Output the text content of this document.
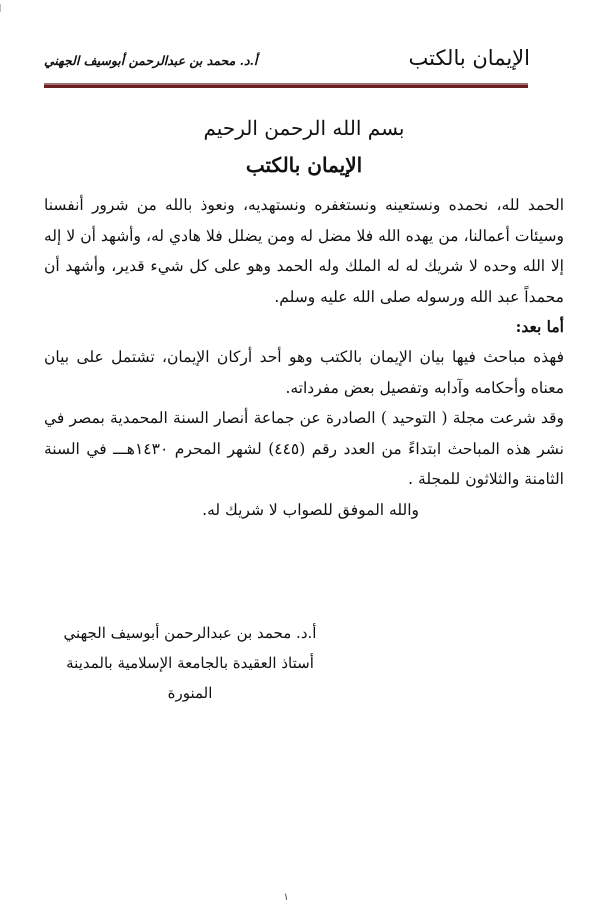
الإيمان بالكتب
أ.د. محمد بن عبدالرحمن أبوسيف الجهني
بسم الله الرحمن الرحيم
الإيمان بالكتب

الحمد لله، نحمده ونستعينه ونستغفره ونستهديه، ونعوذ بالله من شرور أنفسنا وسيئات أعمالنا، من يهده الله فلا مضل له ومن يضلل فلا هادي له، وأشهد أن لا إله إلا الله وحده لا شريك له له الملك وله الحمد وهو على كل شيء قدير، وأشهد أن محمداً عبد الله ورسوله صلى الله عليه وسلم.

أما بعد:

فهذه مباحث فيها بيان الإيمان بالكتب وهو أحد أركان الإيمان، تشتمل على بيان معناه وأحكامه وآدابه وتفصيل بعض مفرداته.

وقد شرعت مجلة ( التوحيد ) الصادرة عن جماعة أنصار السنة المحمدية بمصر في نشر هذه المباحث ابتداءً من العدد رقم (٤٤٥) لشهر المحرم ١٤٣٠هـــ في السنة الثامنة والثلاثون للمجلة .

والله الموفق للصواب لا شريك له.

أ.د. محمد بن عبدالرحمن أبوسيف الجهني
أستاذ العقيدة بالجامعة الإسلامية بالمدينة المنورة
١
